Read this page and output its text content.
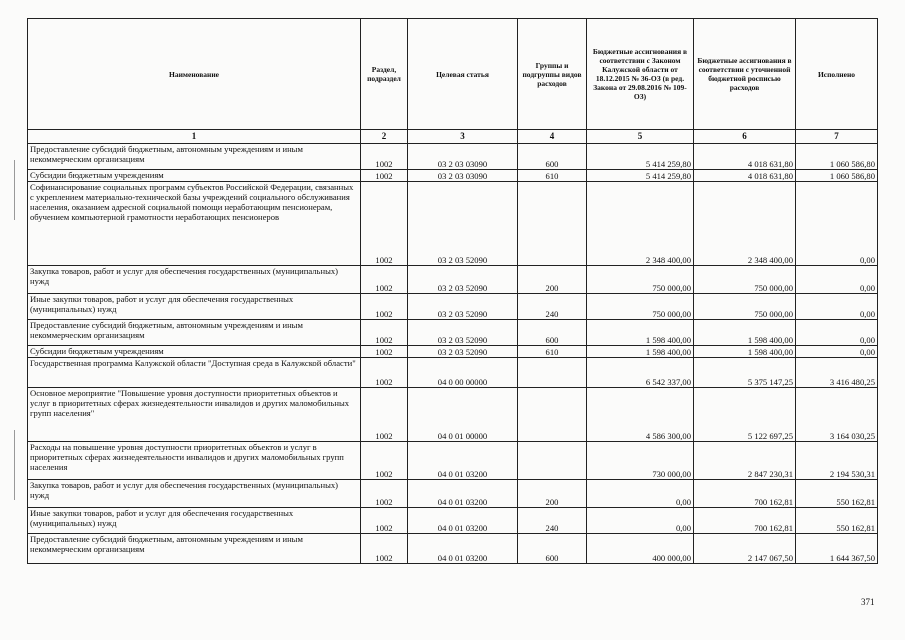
Наименование	Раздел, подраздел	Целевая статья	Группы и подгруппы видов расходов	Бюджетные ассигнования в соответствии с Законом Калужской области от 18.12.2015 № 36-ОЗ (в ред. Закона от 29.08.2016 № 109-ОЗ)	Бюджетные ассигнования в соответствии с уточненной бюджетной росписью расходов	Исполнено
1	2	3	4	5	6	7
Предоставление субсидий бюджетным, автономным учреждениям и иным некоммерческим организациям	1002	03 2 03 03090	600	5 414 259,80	4 018 631,80	1 060 586,80
Субсидии бюджетным учреждениям	1002	03 2 03 03090	610	5 414 259,80	4 018 631,80	1 060 586,80
Софинансирование социальных программ субъектов Российской Федерации, связанных с укреплением материально-технической базы учреждений социального обслуживания населения, оказанием адресной социальной помощи неработающим пенсионерам, обучением компьютерной грамотности неработающих пенсионеров	1002	03 2 03 52090		2 348 400,00	2 348 400,00	0,00
Закупка товаров, работ и услуг для обеспечения государственных (муниципальных) нужд	1002	03 2 03 52090	200	750 000,00	750 000,00	0,00
Иные закупки товаров, работ и услуг для обеспечения государственных (муниципальных) нужд	1002	03 2 03 52090	240	750 000,00	750 000,00	0,00
Предоставление субсидий бюджетным, автономным учреждениям и иным некоммерческим организациям	1002	03 2 03 52090	600	1 598 400,00	1 598 400,00	0,00
Субсидии бюджетным учреждениям	1002	03 2 03 52090	610	1 598 400,00	1 598 400,00	0,00
Государственная программа Калужской области "Доступная среда в Калужской области"	1002	04 0 00 00000		6 542 337,00	5 375 147,25	3 416 480,25
Основное мероприятие "Повышение уровня доступности приоритетных объектов и услуг в приоритетных сферах жизнедеятельности инвалидов и других маломобильных групп населения"	1002	04 0 01 00000		4 586 300,00	5 122 697,25	3 164 030,25
Расходы на повышение уровня доступности приоритетных объектов и услуг в приоритетных сферах жизнедеятельности инвалидов и других маломобильных групп населения	1002	04 0 01 03200		730 000,00	2 847 230,31	2 194 530,31
Закупка товаров, работ и услуг для обеспечения государственных (муниципальных) нужд	1002	04 0 01 03200	200	0,00	700 162,81	550 162,81
Иные закупки товаров, работ и услуг для обеспечения государственных (муниципальных) нужд	1002	04 0 01 03200	240	0,00	700 162,81	550 162,81
Предоставление субсидий бюджетным, автономным учреждениям и иным некоммерческим организациям	1002	04 0 01 03200	600	400 000,00	2 147 067,50	1 644 367,50
371
